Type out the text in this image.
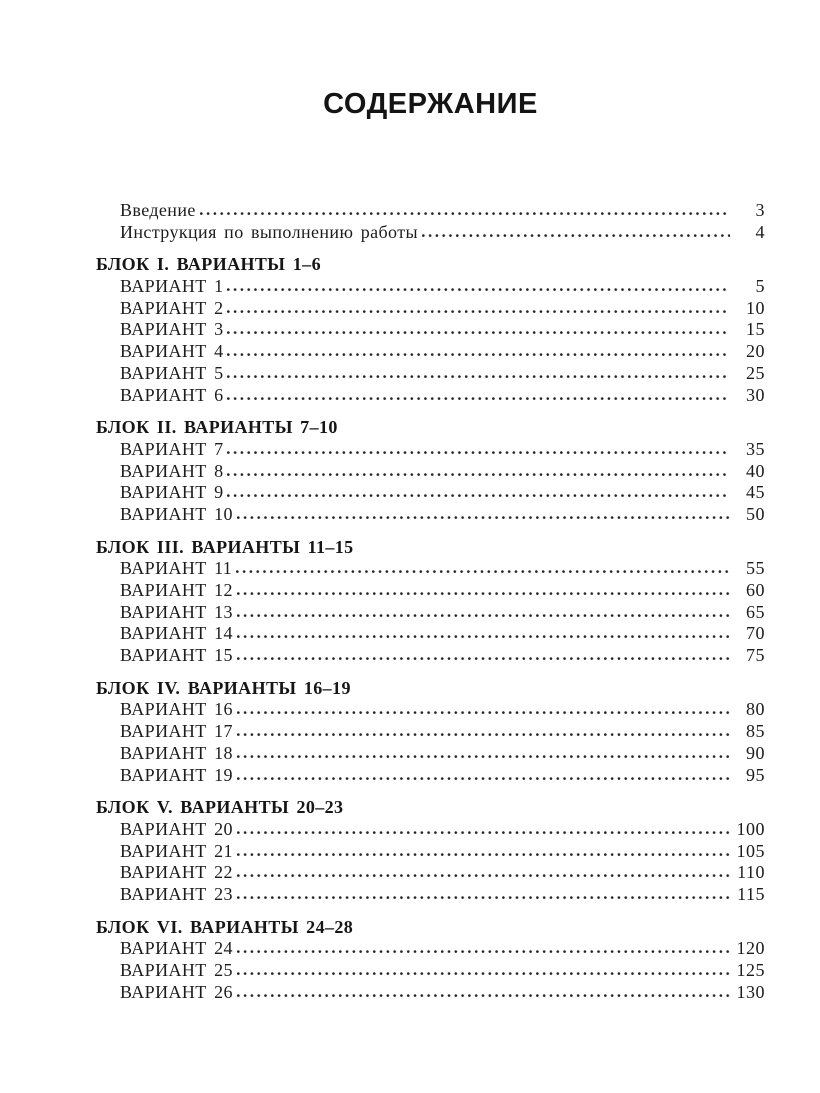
СОДЕРЖАНИЕ
Введение	3
Инструкция по выполнению работы	4
БЛОК I. ВАРИАНТЫ 1–6
ВАРИАНТ 1	5
ВАРИАНТ 2	10
ВАРИАНТ 3	15
ВАРИАНТ 4	20
ВАРИАНТ 5	25
ВАРИАНТ 6	30
БЛОК II. ВАРИАНТЫ 7–10
ВАРИАНТ 7	35
ВАРИАНТ 8	40
ВАРИАНТ 9	45
ВАРИАНТ 10	50
БЛОК III. ВАРИАНТЫ 11–15
ВАРИАНТ 11	55
ВАРИАНТ 12	60
ВАРИАНТ 13	65
ВАРИАНТ 14	70
ВАРИАНТ 15	75
БЛОК IV. ВАРИАНТЫ 16–19
ВАРИАНТ 16	80
ВАРИАНТ 17	85
ВАРИАНТ 18	90
ВАРИАНТ 19	95
БЛОК V. ВАРИАНТЫ 20–23
ВАРИАНТ 20	100
ВАРИАНТ 21	105
ВАРИАНТ 22	110
ВАРИАНТ 23	115
БЛОК VI. ВАРИАНТЫ 24–28
ВАРИАНТ 24	120
ВАРИАНТ 25	125
ВАРИАНТ 26	130
